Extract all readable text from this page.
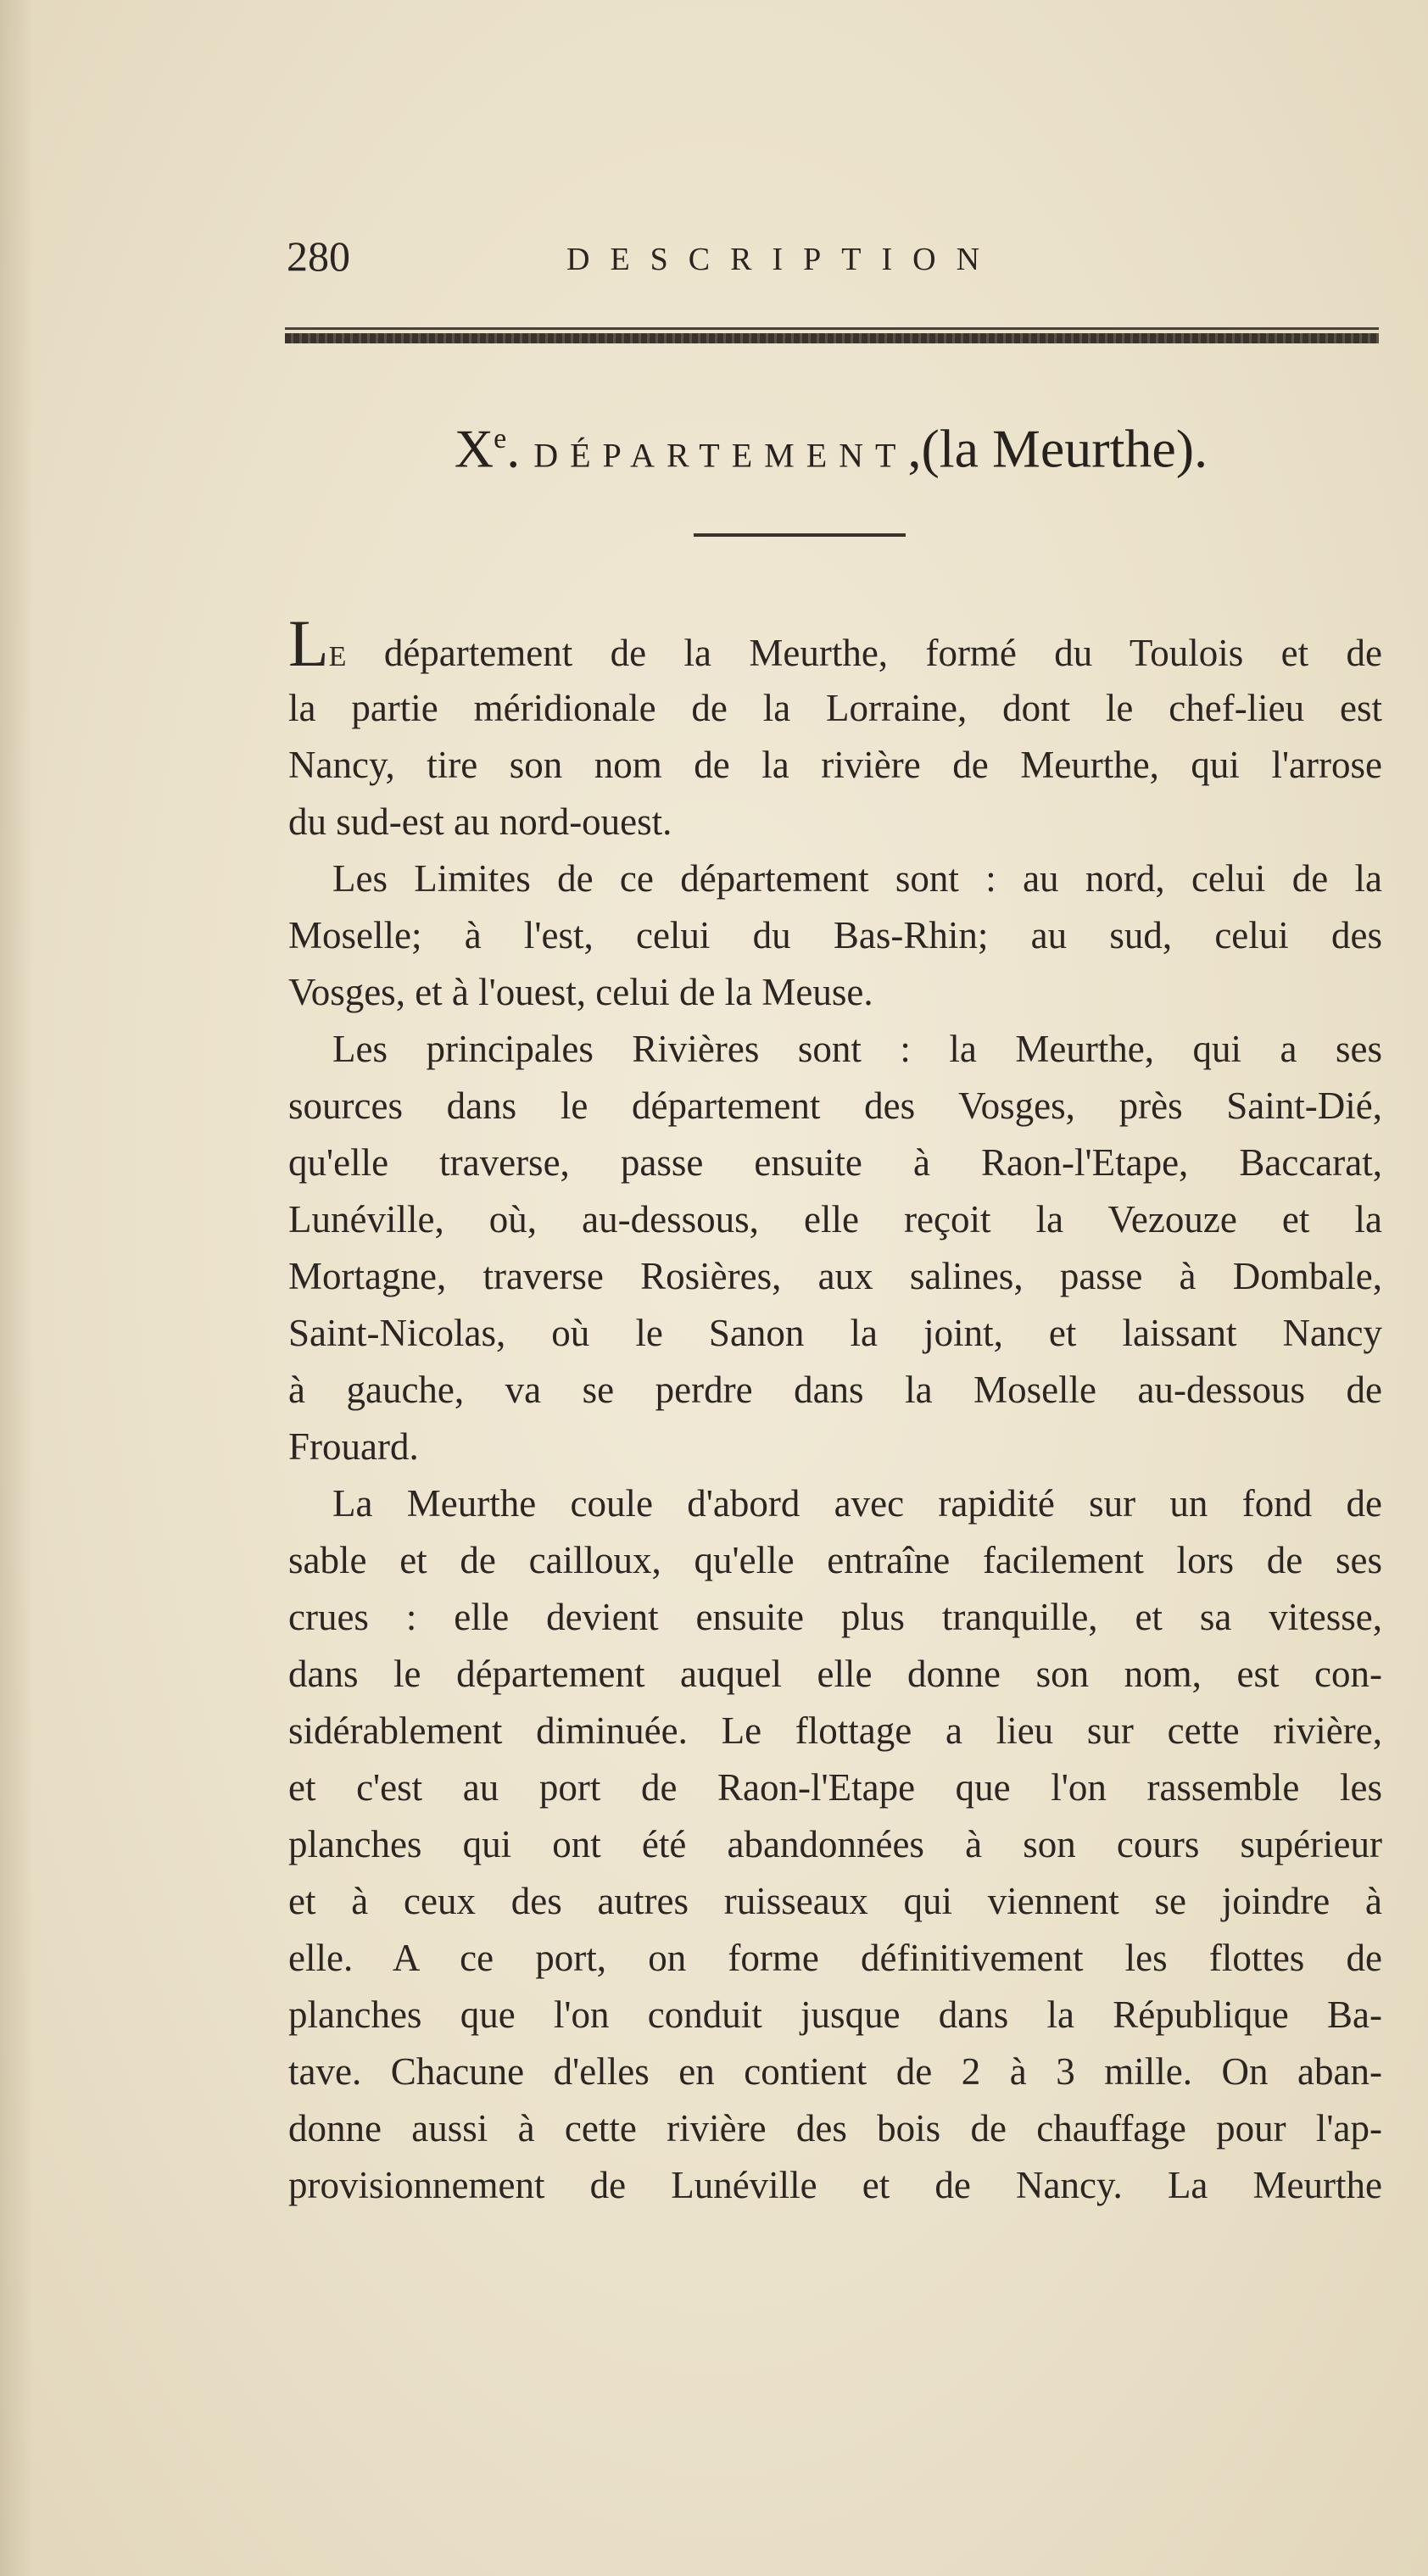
280	DESCRIPTION
Xe. DÉPARTEMENT,(la Meurthe).
LE département de la Meurthe, formé du Toulois et de
la partie méridionale de la Lorraine, dont le chef-lieu est
Nancy, tire son nom de la rivière de Meurthe, qui l'arrose
du sud-est au nord-ouest.
Les Limites de ce département sont : au nord, celui de la
Moselle; à l'est, celui du Bas-Rhin; au sud, celui des
Vosges, et à l'ouest, celui de la Meuse.
Les principales Rivières sont : la Meurthe, qui a ses
sources dans le département des Vosges, près Saint-Dié,
qu'elle traverse, passe ensuite à Raon-l'Etape, Baccarat,
Lunéville, où, au-dessous, elle reçoit la Vezouze et la
Mortagne, traverse Rosières, aux salines, passe à Dombale,
Saint-Nicolas, où le Sanon la joint, et laissant Nancy
à gauche, va se perdre dans la Moselle au-dessous de
Frouard.
La Meurthe coule d'abord avec rapidité sur un fond de
sable et de cailloux, qu'elle entraîne facilement lors de ses
crues : elle devient ensuite plus tranquille, et sa vitesse,
dans le département auquel elle donne son nom, est con-
sidérablement diminuée. Le flottage a lieu sur cette rivière,
et c'est au port de Raon-l'Etape que l'on rassemble les
planches qui ont été abandonnées à son cours supérieur
et à ceux des autres ruisseaux qui viennent se joindre à
elle. A ce port, on forme définitivement les flottes de
planches que l'on conduit jusque dans la République Ba-
tave. Chacune d'elles en contient de 2 à 3 mille. On aban-
donne aussi à cette rivière des bois de chauffage pour l'ap-
provisionnement de Lunéville et de Nancy. La Meurthe
